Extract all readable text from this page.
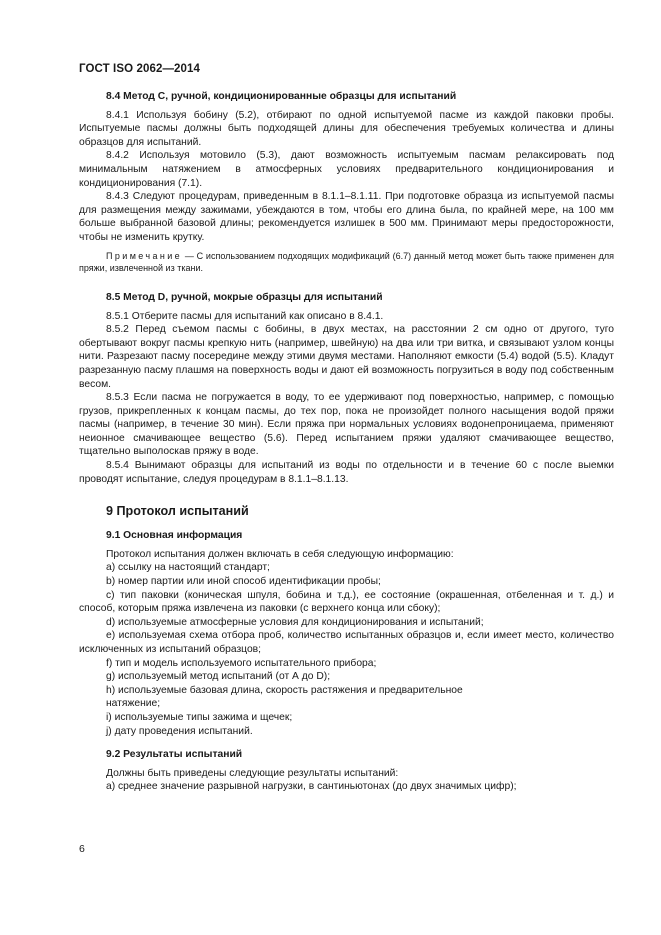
ГОСТ ISO 2062—2014

8.4 Метод С, ручной, кондиционированные образцы для испытаний

8.4.1 Используя бобину (5.2), отбирают по одной испытуемой пасме из каждой паковки пробы. Испытуемые пасмы должны быть подходящей длины для обеспечения требуемых количества и длины образцов для испытаний.

8.4.2 Используя мотовило (5.3), дают возможность испытуемым пасмам релаксировать под минимальным натяжением в атмосферных условиях предварительного кондиционирования и кондиционирования (7.1).

8.4.3 Следуют процедурам, приведенным в 8.1.1–8.1.11. При подготовке образца из испытуемой пасмы для размещения между зажимами, убеждаются в том, чтобы его длина была, по крайней мере, на 100 мм больше выбранной базовой длины; рекомендуется излишек в 500 мм. Принимают меры предосторожности, чтобы не изменить крутку.

Примечание — С использованием подходящих модификаций (6.7) данный метод может быть также применен для пряжи, извлеченной из ткани.

8.5 Метод D, ручной, мокрые образцы для испытаний

8.5.1 Отберите пасмы для испытаний как описано в 8.4.1.

8.5.2 Перед съемом пасмы с бобины, в двух местах, на расстоянии 2 см одно от другого, туго обертывают вокруг пасмы крепкую нить (например, швейную) на два или три витка, и связывают узлом концы нити. Разрезают пасму посередине между этими двумя местами. Наполняют емкости (5.4) водой (5.5). Кладут разрезанную пасму плашмя на поверхность воды и дают ей возможность погрузиться в воду под собственным весом.

8.5.3 Если пасма не погружается в воду, то ее удерживают под поверхностью, например, с помощью грузов, прикрепленных к концам пасмы, до тех пор, пока не произойдет полного насыщения водой пряжи пасмы (например, в течение 30 мин). Если пряжа при нормальных условиях водонепроницаема, применяют неионное смачивающее вещество (5.6). Перед испытанием пряжи удаляют смачивающее вещество, тщательно выполоскав пряжу в воде.

8.5.4 Вынимают образцы для испытаний из воды по отдельности и в течение 60 с после выемки проводят испытание, следуя процедурам в 8.1.1–8.1.13.

9 Протокол испытаний

9.1 Основная информация

Протокол испытания должен включать в себя следующую информацию:

a) ссылку на настоящий стандарт;

b) номер партии или иной способ идентификации пробы;

c) тип паковки (коническая шпуля, бобина и т.д.), ее состояние (окрашенная, отбеленная и т. д.) и способ, которым пряжа извлечена из паковки (с верхнего конца или сбоку);

d) используемые атмосферные условия для кондиционирования и испытаний;

e) используемая схема отбора проб, количество испытанных образцов и, если имеет место, количество исключенных из испытаний образцов;

f) тип и модель используемого испытательного прибора;

g) используемый метод испытаний (от А до D);

h) используемые базовая длина, скорость растяжения и предварительное

натяжение;

i) используемые типы зажима и щечек;

j) дату проведения испытаний.

9.2 Результаты испытаний

Должны быть приведены следующие результаты испытаний:

a) среднее значение разрывной нагрузки, в сантиньютонах (до двух значимых цифр);

6
